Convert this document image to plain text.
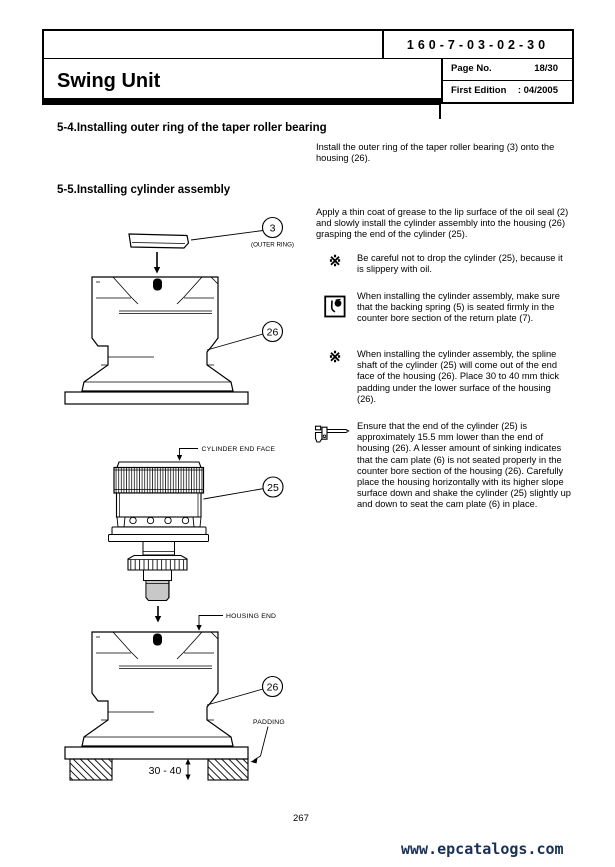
160-7-03-02-30
Swing Unit
Page No.	18/30
First Edition : 04/2005
5-4.Installing outer ring of the taper roller bearing
Install the outer ring of the taper roller bearing (3) onto the housing (26).
5-5.Installing cylinder assembly
Apply a thin coat of grease to the lip surface of the oil seal (2) and slowly install the cylinder assembly into the housing (26) grasping the end of the cylinder (25).
※	Be careful not to drop the cylinder (25), because it is slippery with oil.
When installing the cylinder assembly, make sure that the backing spring (5) is seated firmly in the counter bore section of the return plate (7).
※	When installing the cylinder assembly, the spline shaft of the cylinder (25) will come out of the end face of the housing (26). Place 30 to 40 mm thick padding under the lower surface of the housing (26).
Ensure that the end of the cylinder (25) is approximately 15.5 mm lower than the end of housing (26). A lesser amount of sinking indicates that the cam plate (6) is not seated properly in the counter bore section of the housing (26). Carefully place the housing horizontally with its higher slope surface down and shake the cylinder (25) slightly up and down to seat the cam plate (6) in place.
3
(OUTER RING)
CYLINDER END FACE
25
HOUSING END
30 - 40
PADDING
267
www.epcatalogs.com
